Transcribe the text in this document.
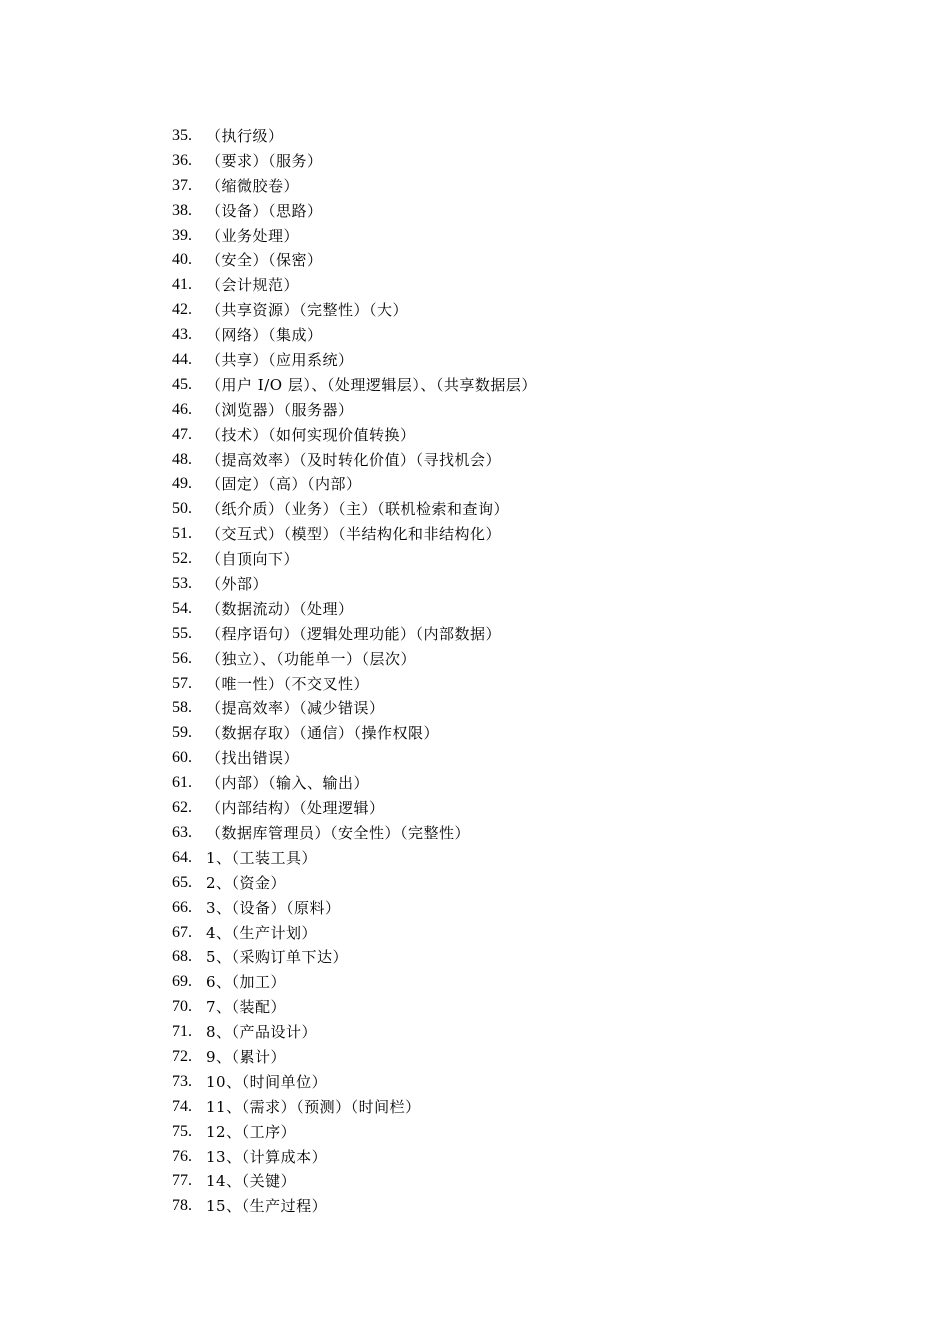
35. （执行级）
36. （要求）（服务）
37. （缩微胶卷）
38. （设备）（思路）
39. （业务处理）
40. （安全）（保密）
41. （会计规范）
42. （共享资源）（完整性）（大）
43. （网络）（集成）
44. （共享）（应用系统）
45. （用户 I/O 层）、（处理逻辑层）、（共享数据层）
46. （浏览器）（服务器）
47. （技术）（如何实现价值转换）
48. （提高效率）（及时转化价值）（寻找机会）
49. （固定）（高）（内部）
50. （纸介质）（业务）（主）（联机检索和查询）
51. （交互式）（模型）（半结构化和非结构化）
52. （自顶向下）
53. （外部）
54. （数据流动）（处理）
55. （程序语句）（逻辑处理功能）（内部数据）
56. （独立）、（功能单一）（层次）
57. （唯一性）（不交叉性）
58. （提高效率）（减少错误）
59. （数据存取）（通信）（操作权限）
60. （找出错误）
61. （内部）（输入、输出）
62. （内部结构）（处理逻辑）
63. （数据库管理员）（安全性）（完整性）
64. 1、（工装工具）
65. 2、（资金）
66. 3、（设备）（原料）
67. 4、（生产计划）
68. 5、（采购订单下达）
69. 6、（加工）
70. 7、（装配）
71. 8、（产品设计）
72. 9、（累计）
73. 10、（时间单位）
74. 11、（需求）（预测）（时间栏）
75. 12、（工序）
76. 13、（计算成本）
77. 14、（关键）
78. 15、（生产过程）
